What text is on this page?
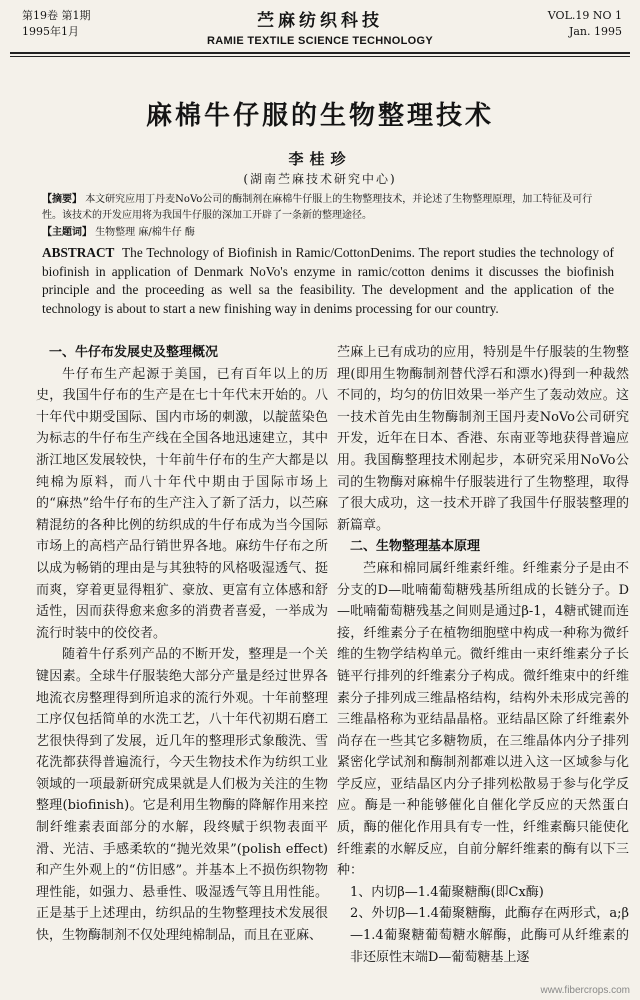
第19卷 第1期
1995年1月
苎麻纺织科技
RAMIE TEXTILE SCIENCE TECHNOLOGY
VOL.19 NO 1
Jan. 1995
麻棉牛仔服的生物整理技术
李桂珍
(湖南苎麻技术研究中心)
【摘要】 本文研究应用丁丹麦NoVo公司的酶制剂在麻棉牛仔服上的生物整理技术，并论述了生物整理原理，加工特征及可行性。该技术的开发应用将为我国牛仔服的深加工开辟了一条新的整理途径。
【主题词】 生物整理 麻/棉牛仔 酶
ABSTRACT The Technology of Biofinish in Ramic/CottonDenims. The report studies the technology of biofinish in application of Denmark NoVo's enzyme in ramic/cotton denims it discusses the biofinish principle and the proceeding as well sa the feasibility. The development and the application of the technology is about to start a new finishing way in denims processing for our country.

一、牛仔布发展史及整理概况

牛仔布生产起源于美国，已有百年以上的历史，我国牛仔布的生产是在七十年代末开始的。八十年代中期受国际、国内市场的刺激，以靛蓝染色为标志的牛仔布生产线在全国各地迅速建立，其中浙江地区发展较快，十年前牛仔布的生产大都是以纯棉为原料，而八十年代中期由于国际市场上的“麻热”给牛仔布的生产注入了新了活力，以苎麻精混纺的各种比例的纺织成的牛仔布成为当今国际市场上的高档产品行销世界各地。麻纺牛仔布之所以成为畅销的理由是与其独特的风格吸湿透气、挺而爽，穿着更显得粗犷、豪放、更富有立体感和舒适性，因而获得愈来愈多的消费者喜爱，一举成为流行时装中的佼佼者。

随着牛仔系列产品的不断开发，整理是一个关键因素。全球牛仔服装绝大部分产量是经过世界各地流衣房整理得到所追求的流行外观。十年前整理工序仅包括简单的水洗工艺，八十年代初期石磨工艺很快得到了发展，近几年的整理形式象酸洗、雪花洗都获得普遍流行，今天生物技术作为纺织工业领域的一项最新研究成果就是人们极为关注的生物整理(biofinish)。它是利用生物酶的降解作用来控制纤维素表面部分的水解，段终赋于织物表面平滑、光洁、手感柔软的“抛光效果”(polish effect)和产生外观上的“仿旧感”。并基本上不损伤织物物理性能，如强力、悬垂性、吸湿透气等且用性能。正是基于上述理由，纺织品的生物整理技术发展很快，生物酶制剂不仅处理纯棉制品，而且在亚麻、

苎麻上已有成功的应用，特别是牛仔服装的生物整理(即用生物酶制剂替代浮石和漂水)得到一种裁然不同的，均匀的仿旧效果一举产生了轰动效应。这一技术首先由生物酶制剂王国丹麦NoVo公司研究开发，近年在日本、香港、东南亚等地获得普遍应用。我国酶整理技术刚起步，本研究采用NoVo公司的生物酶对麻棉牛仔服装进行了生物整理，取得了很大成功，这一技术开辟了我国牛仔服装整理的新篇章。

二、生物整理基本原理

苎麻和棉同属纤维素纤维。纤维素分子是由不分支的D—吡喃葡萄糖残基所组成的长链分子。D—吡喃葡萄糖残基之间则是通过β-1，4糖甙键而连接，纤维素分子在植物细胞壁中构成一种称为微纤维的生物学结构单元。微纤维由一束纤维素分子长链平行排列的纤维素分子构成。微纤维束中的纤维素分子排列成三维晶格结构，结构外未形成完善的三维晶格称为亚结晶晶格。亚结晶区除了纤维素外尚存在一些其它多糖物质，在三维晶体内分子排列紧密化学试剂和酶制剂都难以进入这一区域参与化学反应，亚结晶区内分子排列松散易于参与化学反应。酶是一种能够催化自催化学反应的天然蛋白质，酶的催化作用具有专一性，纤维素酶只能使化纤维素的水解反应，自前分解纤维素的酶有以下三种：

1、内切β—1.4葡聚糖酶(即Cx酶)

2、外切β—1.4葡聚糖酶，此酶存在两形式，a;β—1.4葡聚糖葡萄糖水解酶，此酶可从纤维素的非还原性末端D—葡萄糖基上逐

www.fibercrops.com
